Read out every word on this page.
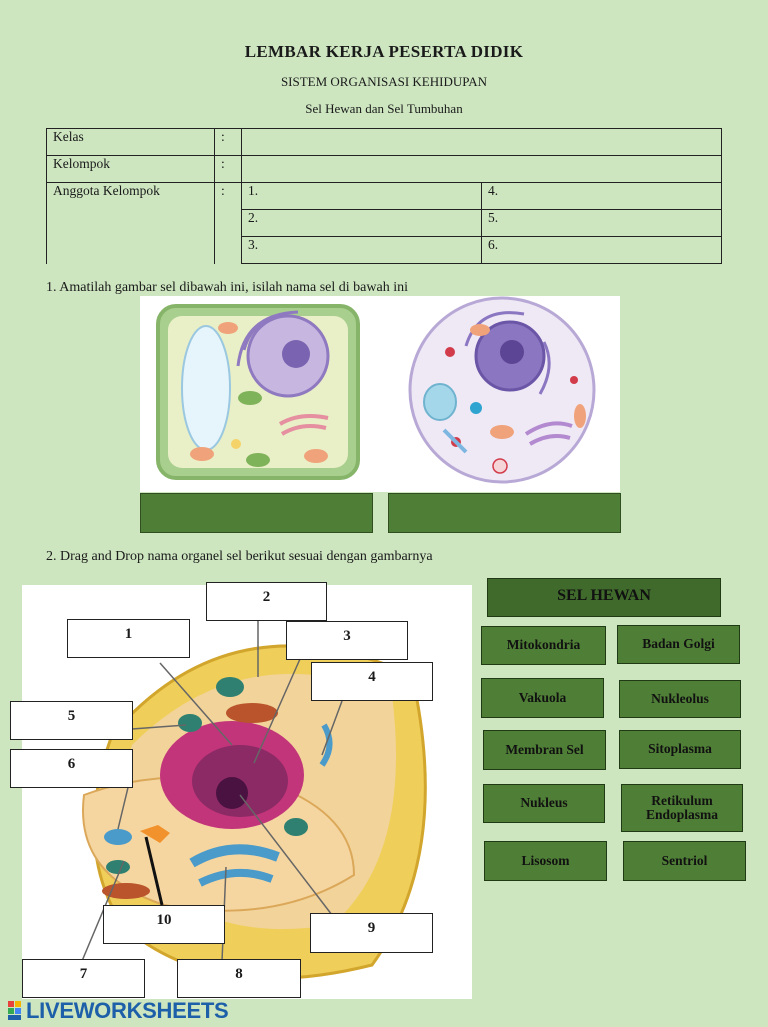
LEMBAR KERJA PESERTA DIDIK
SISTEM ORGANISASI KEHIDUPAN
Sel Hewan dan Sel Tumbuhan
Kelas	:		
Kelompok	:		
Anggota Kelompok	:	1.	4.
		2.	5.
		3.	6.
1. Amatilah gambar sel dibawah ini, isilah nama sel di bawah ini
2. Drag and Drop nama organel sel berikut sesuai dengan gambarnya
1
2
3
4
5
6
7	8
9
10
SEL HEWAN
Mitokondria	Badan Golgi
Vakuola	Nukleolus
Membran Sel	Sitoplasma
Nukleus	Retikulum Endoplasma
Lisosom	Sentriol
LIVEWORKSHEETS
